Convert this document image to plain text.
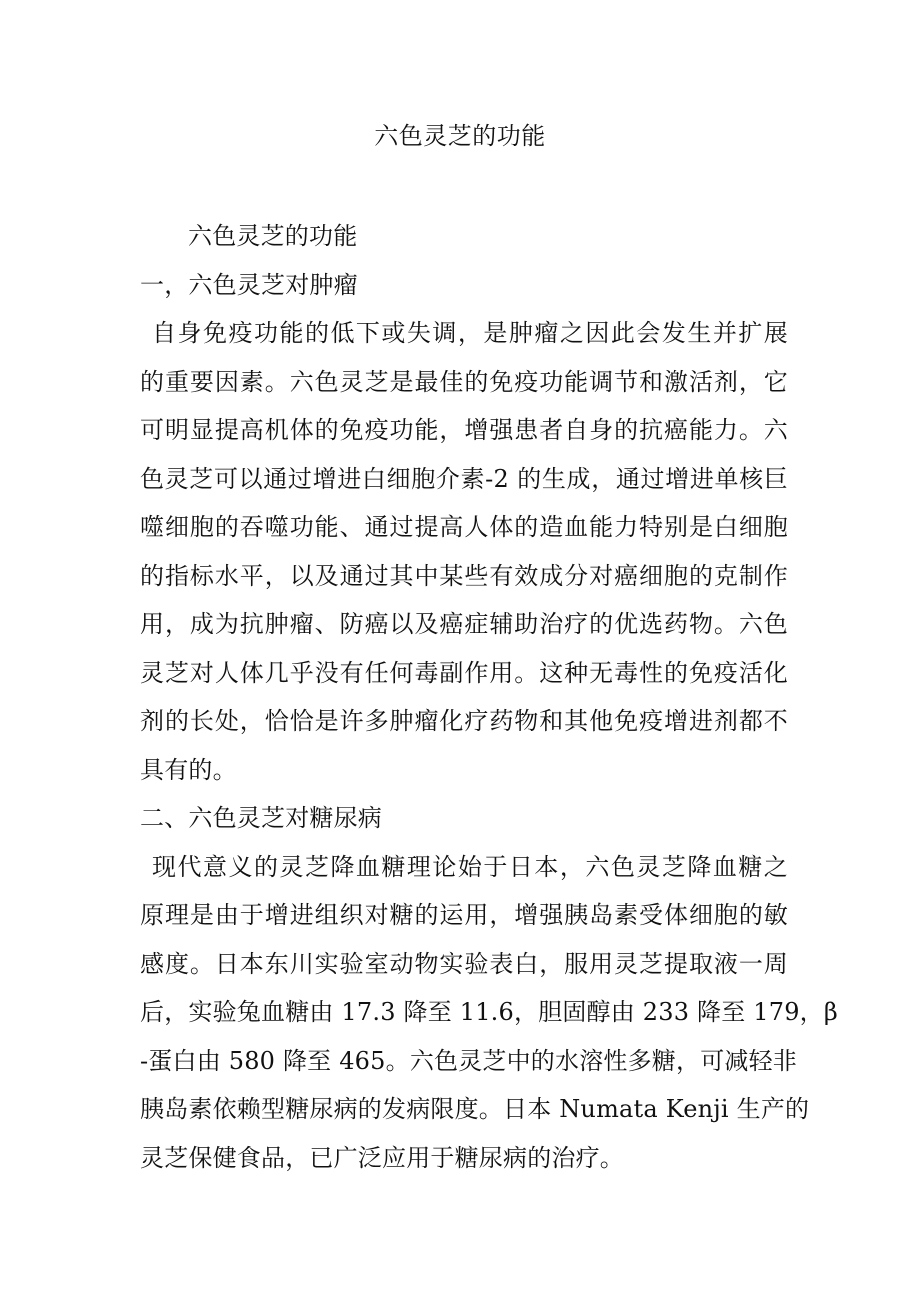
六色灵芝的功能
六色灵芝的功能
一，六色灵芝对肿瘤
自身免疫功能的低下或失调，是肿瘤之因此会发生并扩展
的重要因素。六色灵芝是最佳的免疫功能调节和激活剂，它
可明显提高机体的免疫功能，增强患者自身的抗癌能力。六
色灵芝可以通过增进白细胞介素-2 的生成，通过增进单核巨
噬细胞的吞噬功能、通过提高人体的造血能力特别是白细胞
的指标水平，以及通过其中某些有效成分对癌细胞的克制作
用，成为抗肿瘤、防癌以及癌症辅助治疗的优选药物。六色
灵芝对人体几乎没有任何毒副作用。这种无毒性的免疫活化
剂的长处，恰恰是许多肿瘤化疗药物和其他免疫增进剂都不
具有的。
二、六色灵芝对糖尿病
现代意义的灵芝降血糖理论始于日本，六色灵芝降血糖之
原理是由于增进组织对糖的运用，增强胰岛素受体细胞的敏
感度。日本东川实验室动物实验表白，服用灵芝提取液一周
后，实验兔血糖由 17.3 降至 11.6，胆固醇由 233 降至 179，β
-蛋白由 580 降至 465。六色灵芝中的水溶性多糖，可减轻非
胰岛素依赖型糖尿病的发病限度。日本 Numata Kenji 生产的
灵芝保健食品，已广泛应用于糖尿病的治疗。
